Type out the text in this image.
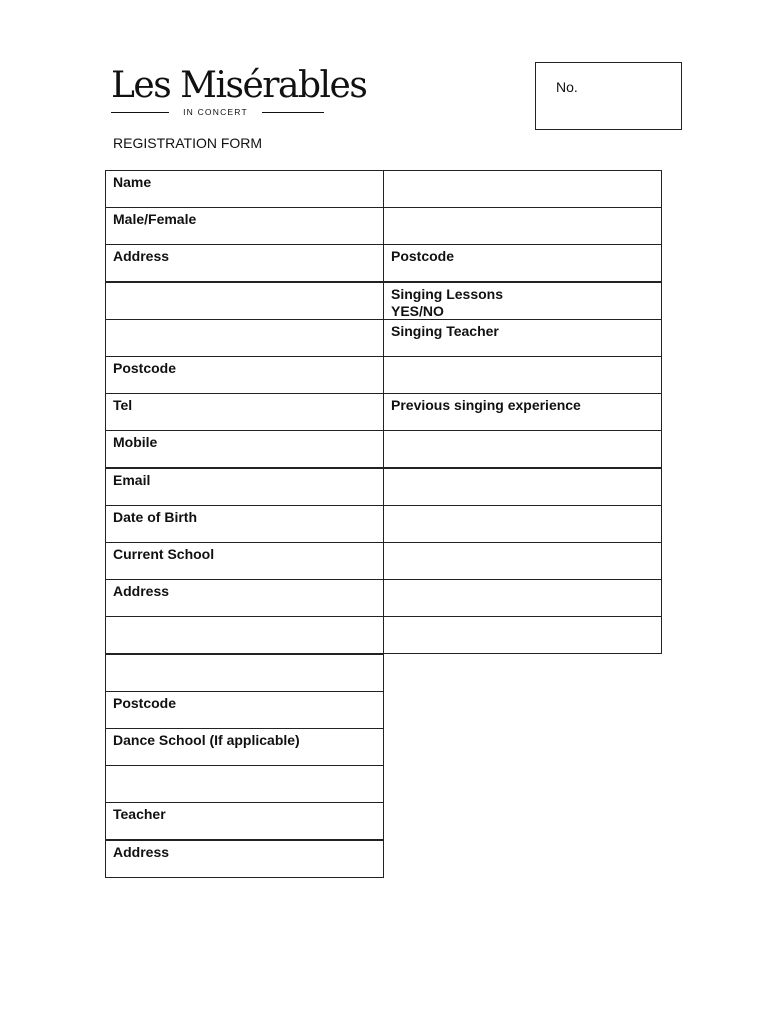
Les Misérables
IN CONCERT
No.
REGISTRATION FORM
Name
Male/Female
Address
Postcode
Tel
Mobile
Email
Date of Birth
Current School
Address
Postcode
Dance School (If applicable)
Teacher
Address
Postcode
Singing Lessons
YES/NO
Singing Teacher
Previous singing experience
